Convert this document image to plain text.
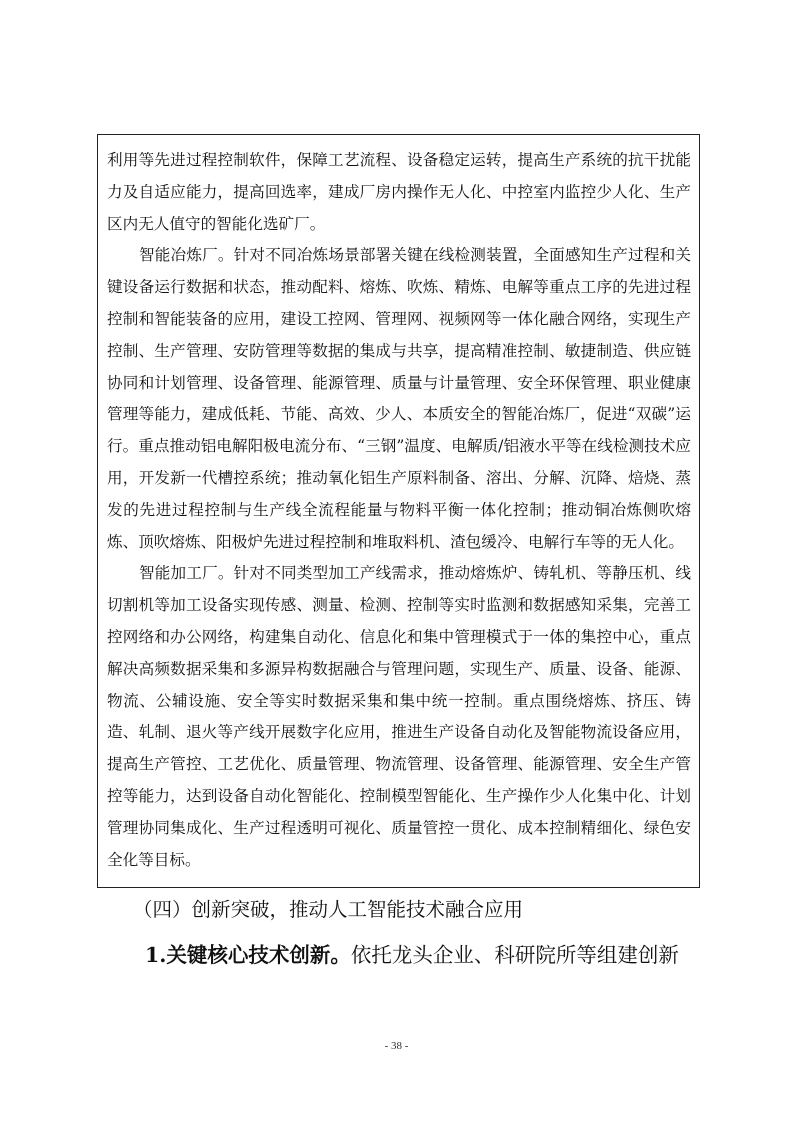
利用等先进过程控制软件，保障工艺流程、设备稳定运转，提高生产系统的抗干扰能力及自适应能力，提高回选率，建成厂房内操作无人化、中控室内监控少人化、生产区内无人值守的智能化选矿厂。

智能冶炼厂。针对不同冶炼场景部署关键在线检测装置，全面感知生产过程和关键设备运行数据和状态，推动配料、熔炼、吹炼、精炼、电解等重点工序的先进过程控制和智能装备的应用，建设工控网、管理网、视频网等一体化融合网络，实现生产控制、生产管理、安防管理等数据的集成与共享，提高精准控制、敏捷制造、供应链协同和计划管理、设备管理、能源管理、质量与计量管理、安全环保管理、职业健康管理等能力，建成低耗、节能、高效、少人、本质安全的智能冶炼厂，促进“双碳”运行。重点推动铝电解阳极电流分布、“三钢”温度、电解质/铝液水平等在线检测技术应用，开发新一代槽控系统；推动氧化铝生产原料制备、溶出、分解、沉降、焙烧、蒸发的先进过程控制与生产线全流程能量与物料平衡一体化控制；推动铜冶炼侧吹熔炼、顶吹熔炼、阳极炉先进过程控制和堆取料机、渣包缓冷、电解行车等的无人化。

智能加工厂。针对不同类型加工产线需求，推动熔炼炉、铸轧机、等静压机、线切割机等加工设备实现传感、测量、检测、控制等实时监测和数据感知采集，完善工控网络和办公网络，构建集自动化、信息化和集中管理模式于一体的集控中心，重点解决高频数据采集和多源异构数据融合与管理问题，实现生产、质量、设备、能源、物流、公辅设施、安全等实时数据采集和集中统一控制。重点围绕熔炼、挤压、铸造、轧制、退火等产线开展数字化应用，推进生产设备自动化及智能物流设备应用，提高生产管控、工艺优化、质量管理、物流管理、设备管理、能源管理、安全生产管控等能力，达到设备自动化智能化、控制模型智能化、生产操作少人化集中化、计划管理协同集成化、生产过程透明可视化、质量管控一贯化、成本控制精细化、绿色安全化等目标。

（四）创新突破，推动人工智能技术融合应用

1.关键核心技术创新。依托龙头企业、科研院所等组建创新

- 38 -
